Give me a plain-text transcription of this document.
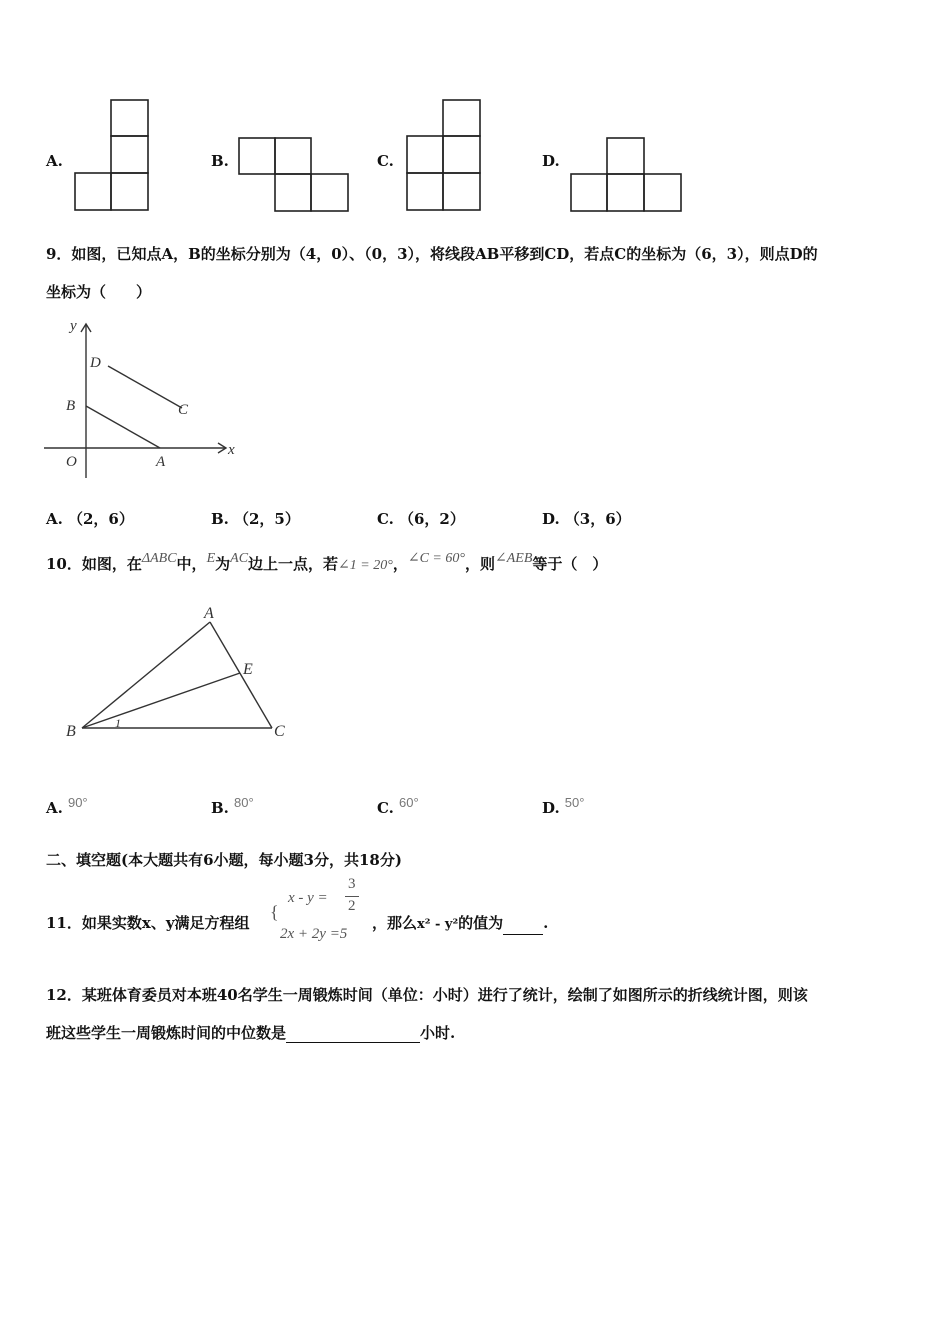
A.	B.	C.	D.
9．如图，已知点A，B的坐标分别为（4，0）、（0，3），将线段AB平移到CD，若点C的坐标为（6，3），则点D的
坐标为（　　）
y
x
O	A
B	C
D
A. （2，6）	B. （2，5）	C. （6，2）	D. （3，6）
10．如图，在ΔABC中，E为AC边上一点，若∠1 = 20°，∠C = 60°，则∠AEB等于（　）
A
B	C
E
1
A. $^{90^\circ}$	B. $^{80^\circ}$	C. $^{60^\circ}$	D. $^{50^\circ}$
二、填空题(本大题共有6小题，每小题3分，共18分)
11．如果实数x、y满足方程组
{
x - y =
3
2
2x + 2y =5
，那么x² - y²的值为	.
12．某班体育委员对本班40名学生一周锻炼时间（单位：小时）进行了统计，绘制了如图所示的折线统计图，则该
班这些学生一周锻炼时间的中位数是	小时.
